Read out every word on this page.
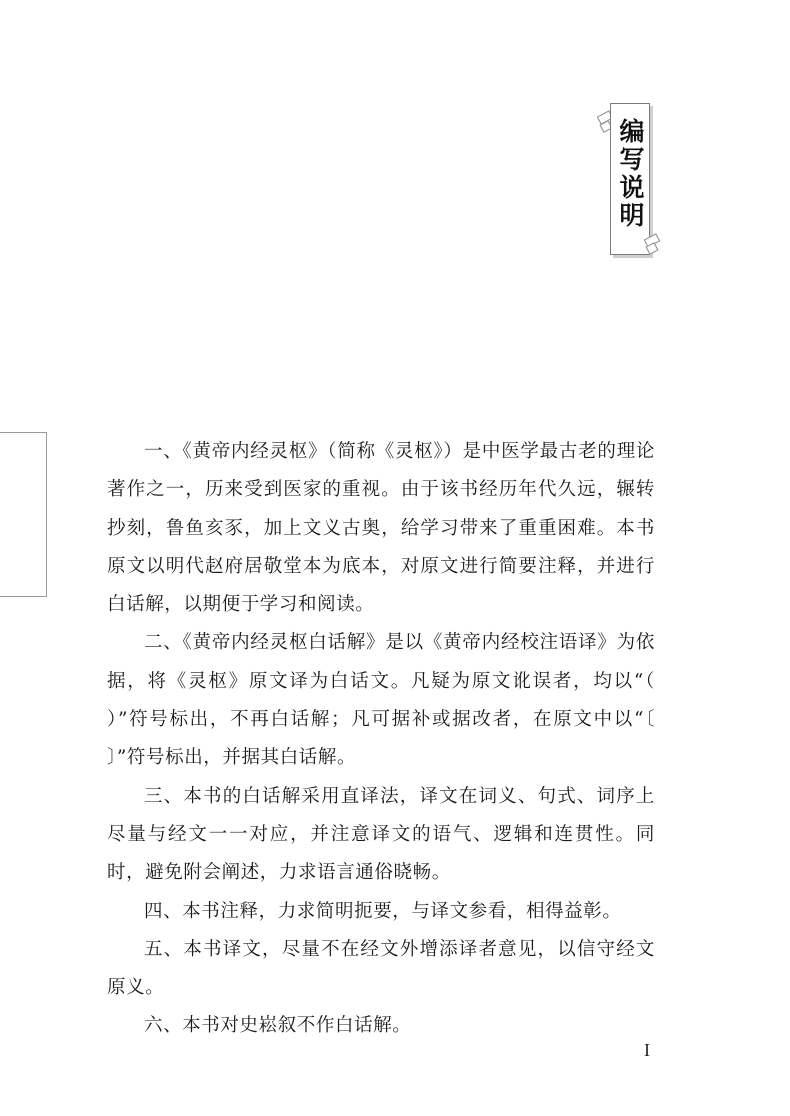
编写说明

一、《黄帝内经灵枢》（简称《灵枢》）是中医学最古老的理论著作之一，历来受到医家的重视。由于该书经历年代久远，辗转抄刻，鲁鱼亥豕，加上文义古奥，给学习带来了重重困难。本书原文以明代赵府居敬堂本为底本，对原文进行简要注释，并进行白话解，以期便于学习和阅读。

二、《黄帝内经灵枢白话解》是以《黄帝内经校注语译》为依据，将《灵枢》原文译为白话文。凡疑为原文讹误者，均以“（ ）”符号标出，不再白话解；凡可据补或据改者，在原文中以“〔 〕”符号标出，并据其白话解。

三、本书的白话解采用直译法，译文在词义、句式、词序上尽量与经文一一对应，并注意译文的语气、逻辑和连贯性。同时，避免附会阐述，力求语言通俗晓畅。

四、本书注释，力求简明扼要，与译文参看，相得益彰。

五、本书译文，尽量不在经文外增添译者意见，以信守经文原义。

六、本书对史崧叙不作白话解。

I
